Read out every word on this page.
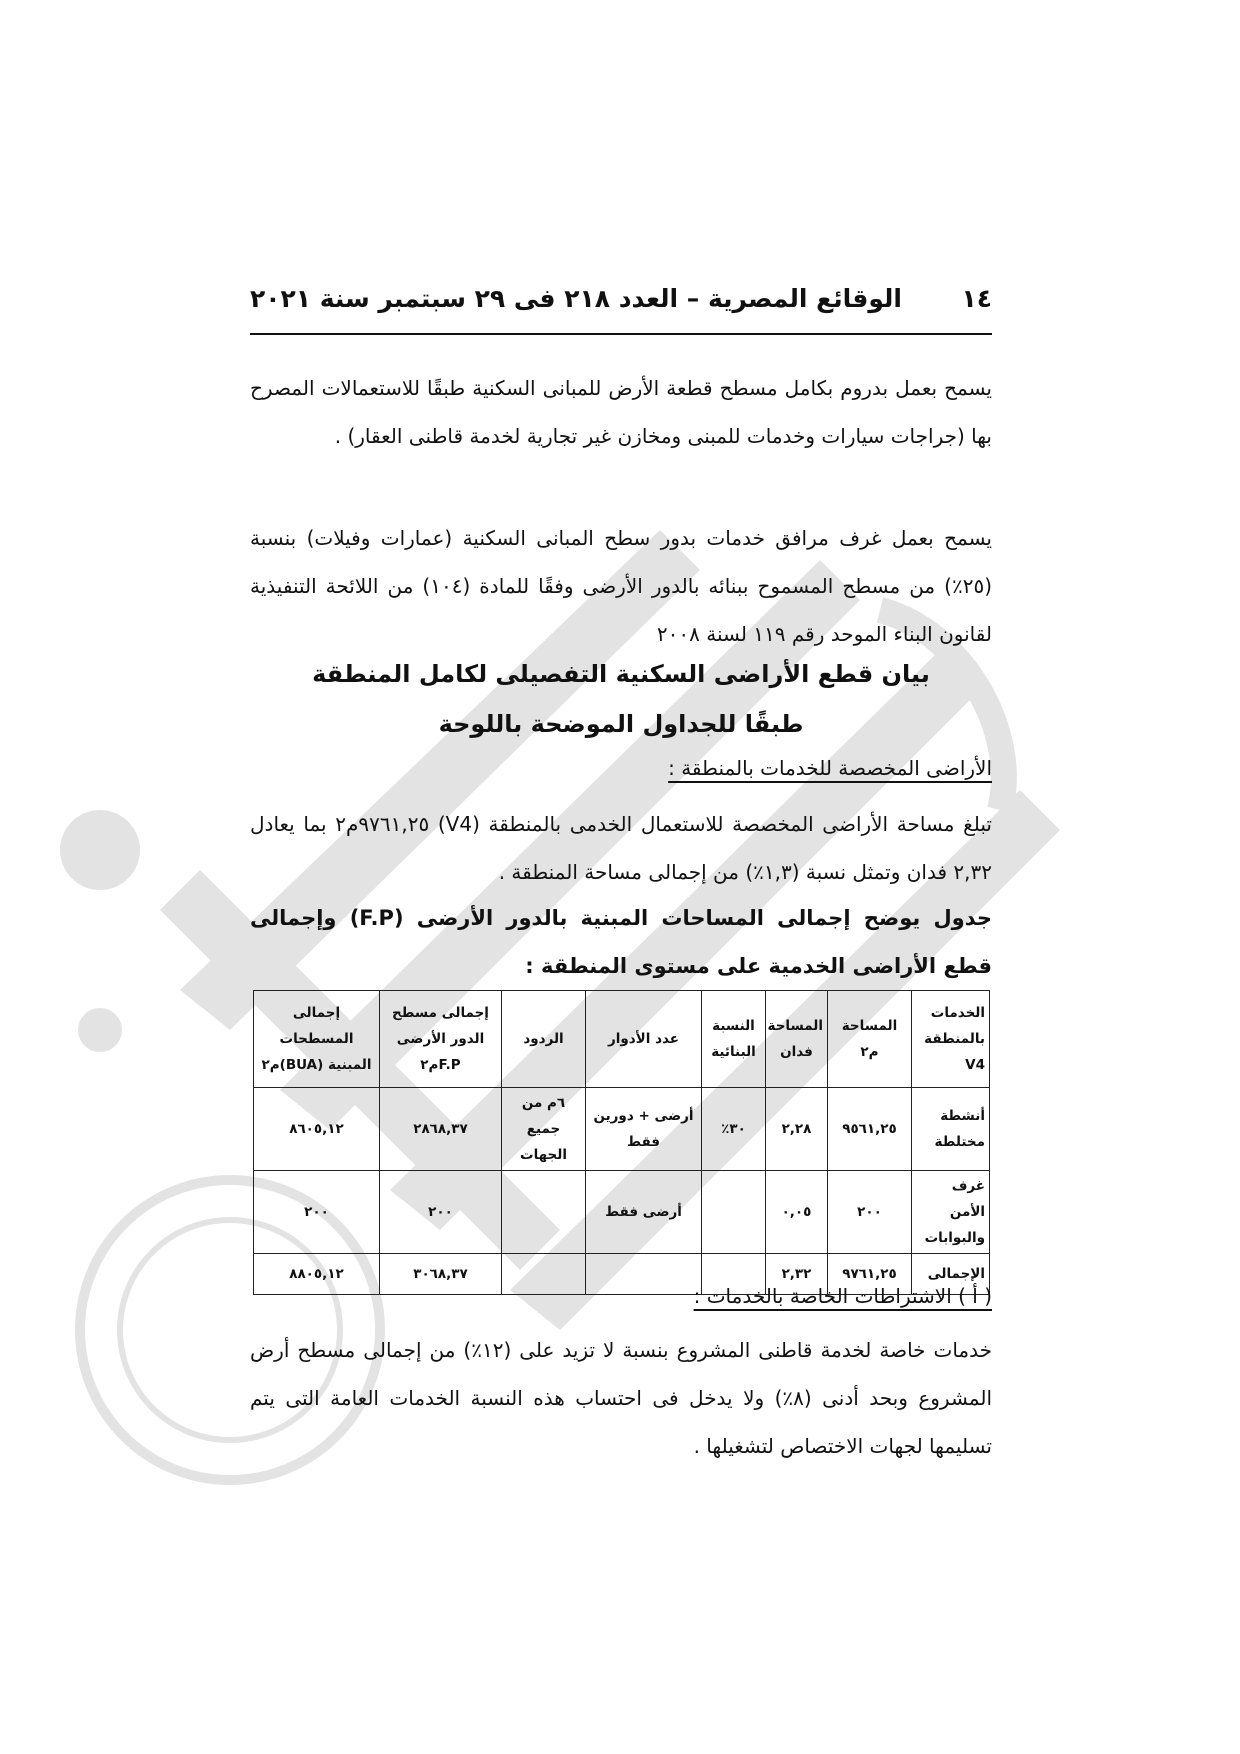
١٤
الوقائع المصرية – العدد ٢١٨ فى ٢٩ سبتمبر سنة ٢٠٢١
يسمح بعمل بدروم بكامل مسطح قطعة الأرض للمبانى السكنية طبقًا للاستعمالات المصرح بها (جراجات سيارات وخدمات للمبنى ومخازن غير تجارية لخدمة قاطنى العقار) .
يسمح بعمل غرف مرافق خدمات بدور سطح المبانى السكنية (عمارات وفيلات) بنسبة (٢٥٪) من مسطح المسموح ببنائه بالدور الأرضى وفقًا للمادة (١٠٤) من اللائحة التنفيذية لقانون البناء الموحد رقم ١١٩ لسنة ٢٠٠٨
بيان قطع الأراضى السكنية التفصيلى لكامل المنطقة
طبقًا للجداول الموضحة باللوحة
الأراضى المخصصة للخدمات بالمنطقة :
تبلغ مساحة الأراضى المخصصة للاستعمال الخدمى بالمنطقة (V4) ٩٧٦١,٢٥م٢ بما يعادل ٢,٣٢ فدان وتمثل نسبة (١,٣٪) من إجمالى مساحة المنطقة .
جدول يوضح إجمالى المساحات المبنية بالدور الأرضى (F.P) وإجمالى قطع الأراضى الخدمية على مستوى المنطقة :
الخدمات بالمنطقة V4	المساحة م٢	المساحة فدان	النسبة البنائية	عدد الأدوار	الردود	إجمالى مسطح الدور الأرضى F.Pم٢	إجمالى المسطحات المبنية (BUA)م٢
أنشطة مختلطة	٩٥٦١,٢٥	٢,٢٨	٣٠٪	أرضى + دورين فقط	٦م من جميع الجهات	٢٨٦٨,٣٧	٨٦٠٥,١٢
غرف الأمن والبوابات	٢٠٠	٠,٠٥		أرضى فقط		٢٠٠	٢٠٠
الإجمالى	٩٧٦١,٢٥	٢,٣٢				٣٠٦٨,٣٧	٨٨٠٥,١٢
( أ ) الاشتراطات الخاصة بالخدمات :
خدمات خاصة لخدمة قاطنى المشروع بنسبة لا تزيد على (١٢٪) من إجمالى مسطح أرض المشروع وبحد أدنى (٨٪) ولا يدخل فى احتساب هذه النسبة الخدمات العامة التى يتم تسليمها لجهات الاختصاص لتشغيلها .
